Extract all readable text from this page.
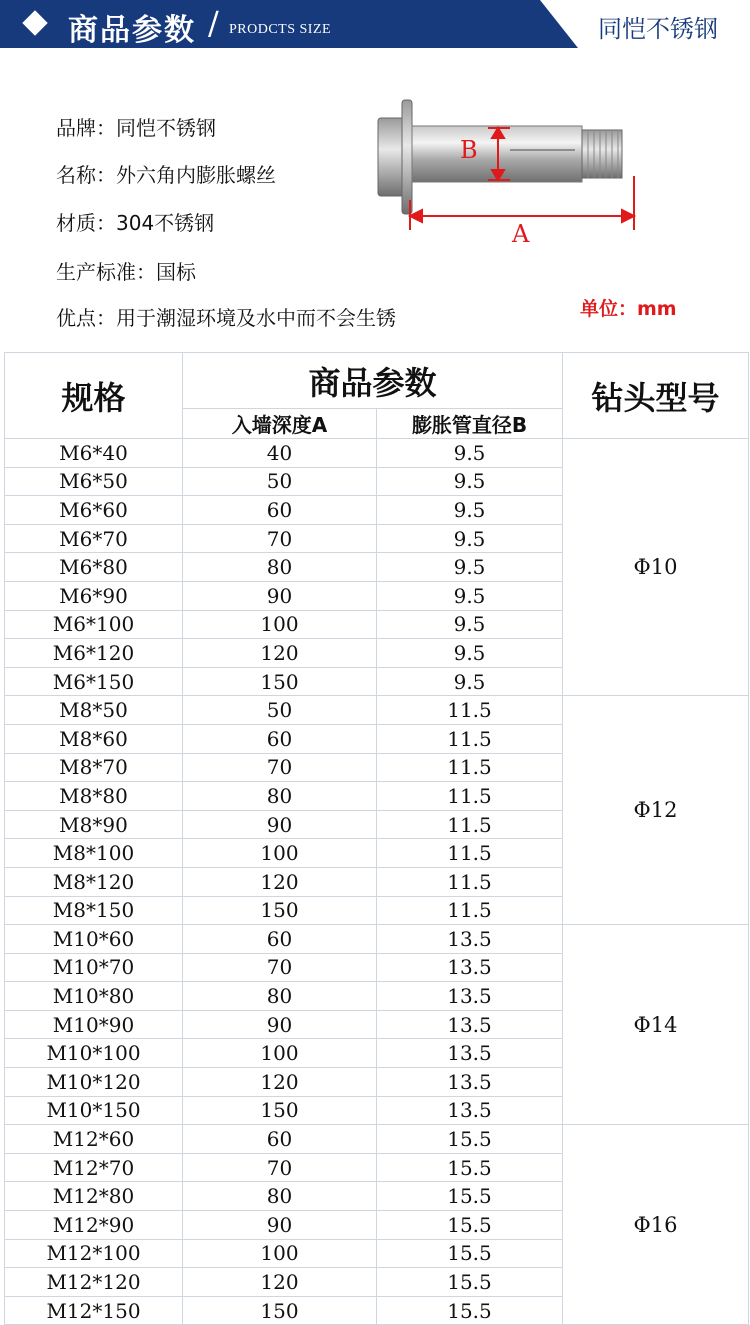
商品参数 / PRODCTS SIZE	同恺不锈钢
品牌：同恺不锈钢
名称：外六角内膨胀螺丝
材质：304不锈钢
生产标准：国标
优点：用于潮湿环境及水中而不会生锈
B
A
单位：mm
规格	商品参数		钻头型号
	入墙深度A	膨胀管直径B	
M6*40	40	9.5	Φ10
M6*50	50	9.5	
M6*60	60	9.5	
M6*70	70	9.5	
M6*80	80	9.5	
M6*90	90	9.5	
M6*100	100	9.5	
M6*120	120	9.5	
M6*150	150	9.5	
M8*50	50	11.5	Φ12
M8*60	60	11.5	
M8*70	70	11.5	
M8*80	80	11.5	
M8*90	90	11.5	
M8*100	100	11.5	
M8*120	120	11.5	
M8*150	150	11.5	
M10*60	60	13.5	Φ14
M10*70	70	13.5	
M10*80	80	13.5	
M10*90	90	13.5	
M10*100	100	13.5	
M10*120	120	13.5	
M10*150	150	13.5	
M12*60	60	15.5	Φ16
M12*70	70	15.5	
M12*80	80	15.5	
M12*90	90	15.5	
M12*100	100	15.5	
M12*120	120	15.5	
M12*150	150	15.5	
